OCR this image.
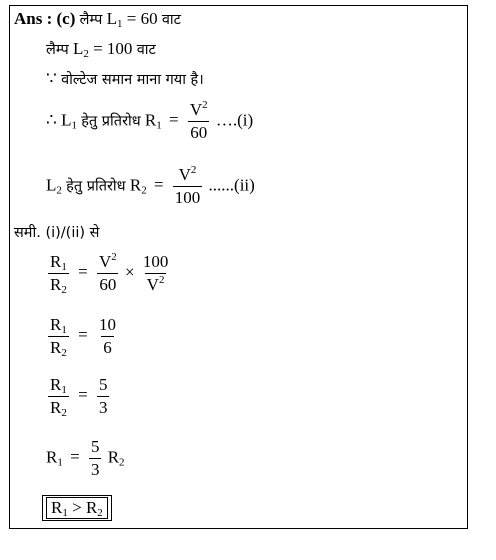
Ans : (c) लैम्प $L_1 = 60$ वाट
लैम्प $L_2 = 100$ वाट
∵ वोल्टेज समान माना गया है।
∴ $L_1$ हेतु प्रतिरोध $R_1 = \frac{V^2}{60}$ ….(i)
$L_2$ हेतु प्रतिरोध $R_2 = \frac{V^2}{100} ......(ii)$
समी. (i)/(ii) से
$\frac{R_1}{R_2} = \frac{V^2}{60} \times \frac{100}{V^2}$
$\frac{R_1}{R_2} = \frac{10}{6}$
$\frac{R_1}{R_2} = \frac{5}{3}$
$R_1 = \frac{5}{3} R_2$
$R_1 > R_2$
